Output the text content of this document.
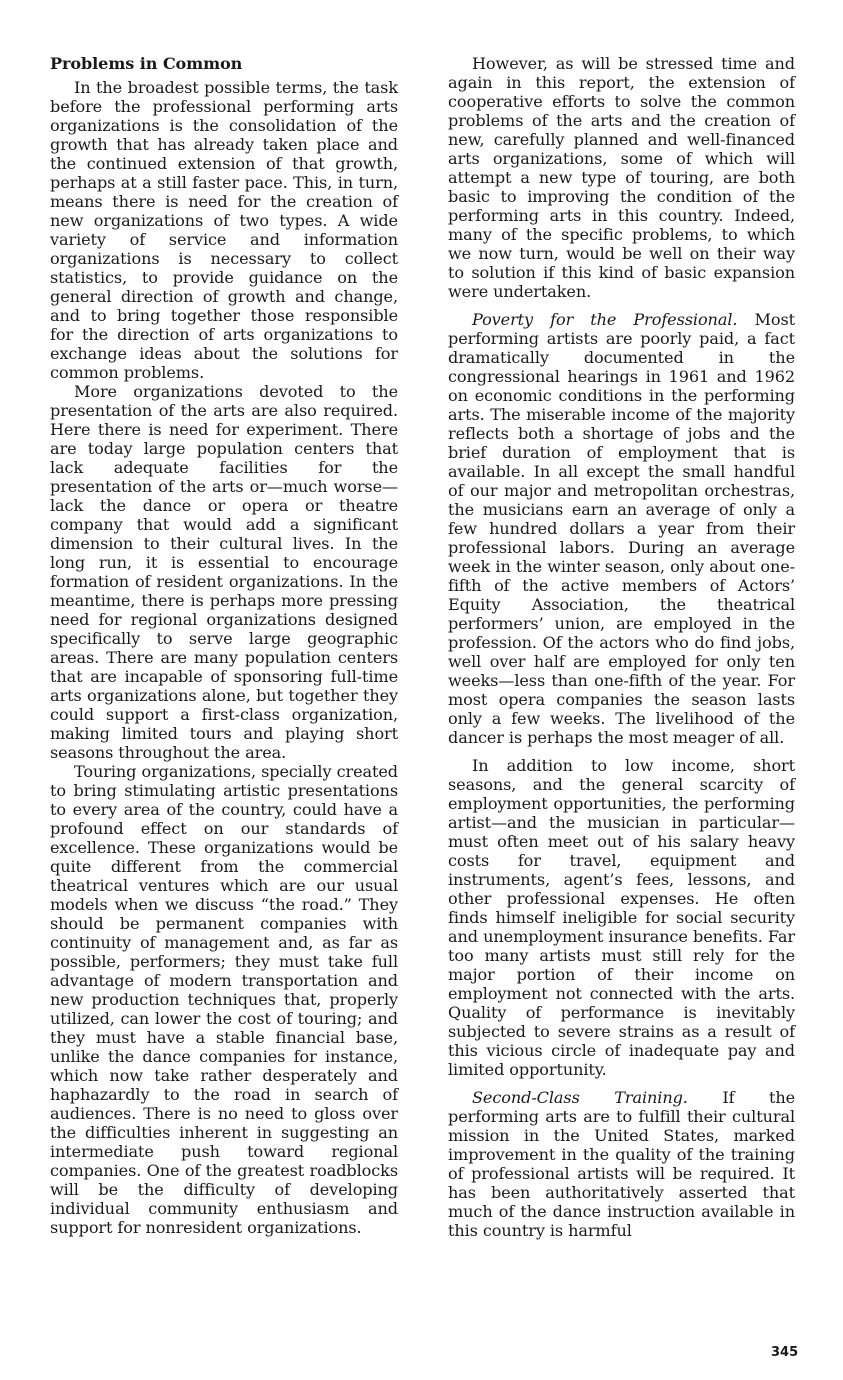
Problems in Common

In the broadest possible terms, the task before the professional performing arts organizations is the consolidation of the growth that has already taken place and the continued extension of that growth, perhaps at a still faster pace. This, in turn, means there is need for the creation of new organizations of two types. A wide variety of service and information organizations is necessary to collect statistics, to provide guidance on the general direction of growth and change, and to bring together those responsible for the direction of arts organizations to exchange ideas about the solutions for common problems.

More organizations devoted to the presentation of the arts are also required. Here there is need for experiment. There are today large population centers that lack adequate facilities for the presentation of the arts or—much worse—lack the dance or opera or theatre company that would add a significant dimension to their cultural lives. In the long run, it is essential to encourage formation of resident organizations. In the meantime, there is perhaps more pressing need for regional organizations designed specifically to serve large geographic areas. There are many population centers that are incapable of sponsoring full-time arts organizations alone, but together they could support a first-class organization, making limited tours and playing short seasons throughout the area.

Touring organizations, specially created to bring stimulating artistic presentations to every area of the country, could have a profound effect on our standards of excellence. These organizations would be quite different from the commercial theatrical ventures which are our usual models when we discuss “the road.” They should be permanent companies with continuity of management and, as far as possible, performers; they must take full advantage of modern transportation and new production techniques that, properly utilized, can lower the cost of touring; and they must have a stable financial base, unlike the dance companies for instance, which now take rather desperately and haphazardly to the road in search of audiences. There is no need to gloss over the difficulties inherent in suggesting an intermediate push toward regional companies. One of the greatest roadblocks will be the difficulty of developing individual community enthusiasm and support for nonresident organizations.

However, as will be stressed time and again in this report, the extension of cooperative efforts to solve the common problems of the arts and the creation of new, carefully planned and well-financed arts organizations, some of which will attempt a new type of touring, are both basic to improving the condition of the performing arts in this country. Indeed, many of the specific problems, to which we now turn, would be well on their way to solution if this kind of basic expansion were undertaken.

Poverty for the Professional. Most performing artists are poorly paid, a fact dramatically documented in the congressional hearings in 1961 and 1962 on economic conditions in the performing arts. The miserable income of the majority reflects both a shortage of jobs and the brief duration of employment that is available. In all except the small handful of our major and metropolitan orchestras, the musicians earn an average of only a few hundred dollars a year from their professional labors. During an average week in the winter season, only about one-fifth of the active members of Actors’ Equity Association, the theatrical performers’ union, are employed in the profession. Of the actors who do find jobs, well over half are employed for only ten weeks—less than one-fifth of the year. For most opera companies the season lasts only a few weeks. The livelihood of the dancer is perhaps the most meager of all.

In addition to low income, short seasons, and the general scarcity of employment opportunities, the performing artist—and the musician in particular—must often meet out of his salary heavy costs for travel, equipment and instruments, agent’s fees, lessons, and other professional expenses. He often finds himself ineligible for social security and unemployment insurance benefits. Far too many artists must still rely for the major portion of their income on employment not connected with the arts. Quality of performance is inevitably subjected to severe strains as a result of this vicious circle of inadequate pay and limited opportunity.

Second-Class Training. If the performing arts are to fulfill their cultural mission in the United States, marked improvement in the quality of the training of professional artists will be required. It has been authoritatively asserted that much of the dance instruction available in this country is harmful

345
